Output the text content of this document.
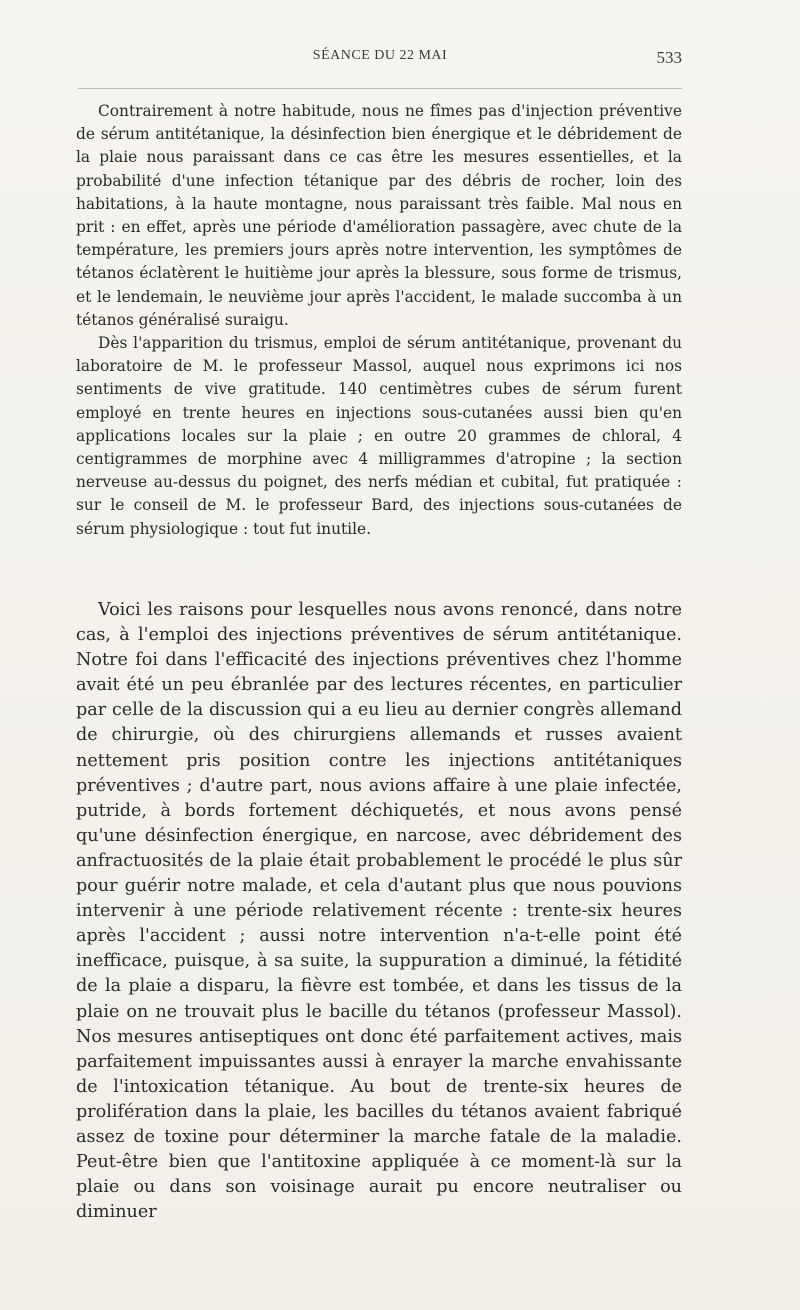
SÉANCE DU 22 MAI	533

Contrairement à notre habitude, nous ne fîmes pas d'injection préventive de sérum antitétanique, la désinfection bien énergique et le débridement de la plaie nous paraissant dans ce cas être les mesures essentielles, et la probabilité d'une infection tétanique par des débris de rocher, loin des habitations, à la haute montagne, nous paraissant très faible. Mal nous en prit : en effet, après une période d'amélioration passagère, avec chute de la température, les premiers jours après notre intervention, les symptômes de tétanos éclatèrent le huitième jour après la blessure, sous forme de trismus, et le lendemain, le neuvième jour après l'accident, le malade succomba à un tétanos généralisé suraigu.

Dès l'apparition du trismus, emploi de sérum antitétanique, provenant du laboratoire de M. le professeur Massol, auquel nous exprimons ici nos sentiments de vive gratitude. 140 centimètres cubes de sérum furent employé en trente heures en injections sous-cutanées aussi bien qu'en applications locales sur la plaie ; en outre 20 grammes de chloral, 4 centigrammes de morphine avec 4 milligrammes d'atropine ; la section nerveuse au-dessus du poignet, des nerfs médian et cubital, fut pratiquée : sur le conseil de M. le professeur Bard, des injections sous-cutanées de sérum physiologique : tout fut inutile.

Voici les raisons pour lesquelles nous avons renoncé, dans notre cas, à l'emploi des injections préventives de sérum antitétanique. Notre foi dans l'efficacité des injections préventives chez l'homme avait été un peu ébranlée par des lectures récentes, en particulier par celle de la discussion qui a eu lieu au dernier congrès allemand de chirurgie, où des chirurgiens allemands et russes avaient nettement pris position contre les injections antitétaniques préventives ; d'autre part, nous avions affaire à une plaie infectée, putride, à bords fortement déchiquetés, et nous avons pensé qu'une désinfection énergique, en narcose, avec débridement des anfractuosités de la plaie était probablement le procédé le plus sûr pour guérir notre malade, et cela d'autant plus que nous pouvions intervenir à une période relativement récente : trente-six heures après l'accident ; aussi notre intervention n'a-t-elle point été inefficace, puisque, à sa suite, la suppuration a diminué, la fétidité de la plaie a disparu, la fièvre est tombée, et dans les tissus de la plaie on ne trouvait plus le bacille du tétanos (professeur Massol). Nos mesures antiseptiques ont donc été parfaitement actives, mais parfaitement impuissantes aussi à enrayer la marche envahissante de l'intoxication tétanique. Au bout de trente-six heures de prolifération dans la plaie, les bacilles du tétanos avaient fabriqué assez de toxine pour déterminer la marche fatale de la maladie. Peut-être bien que l'antitoxine appliquée à ce moment-là sur la plaie ou dans son voisinage aurait pu encore neutraliser ou diminuer
